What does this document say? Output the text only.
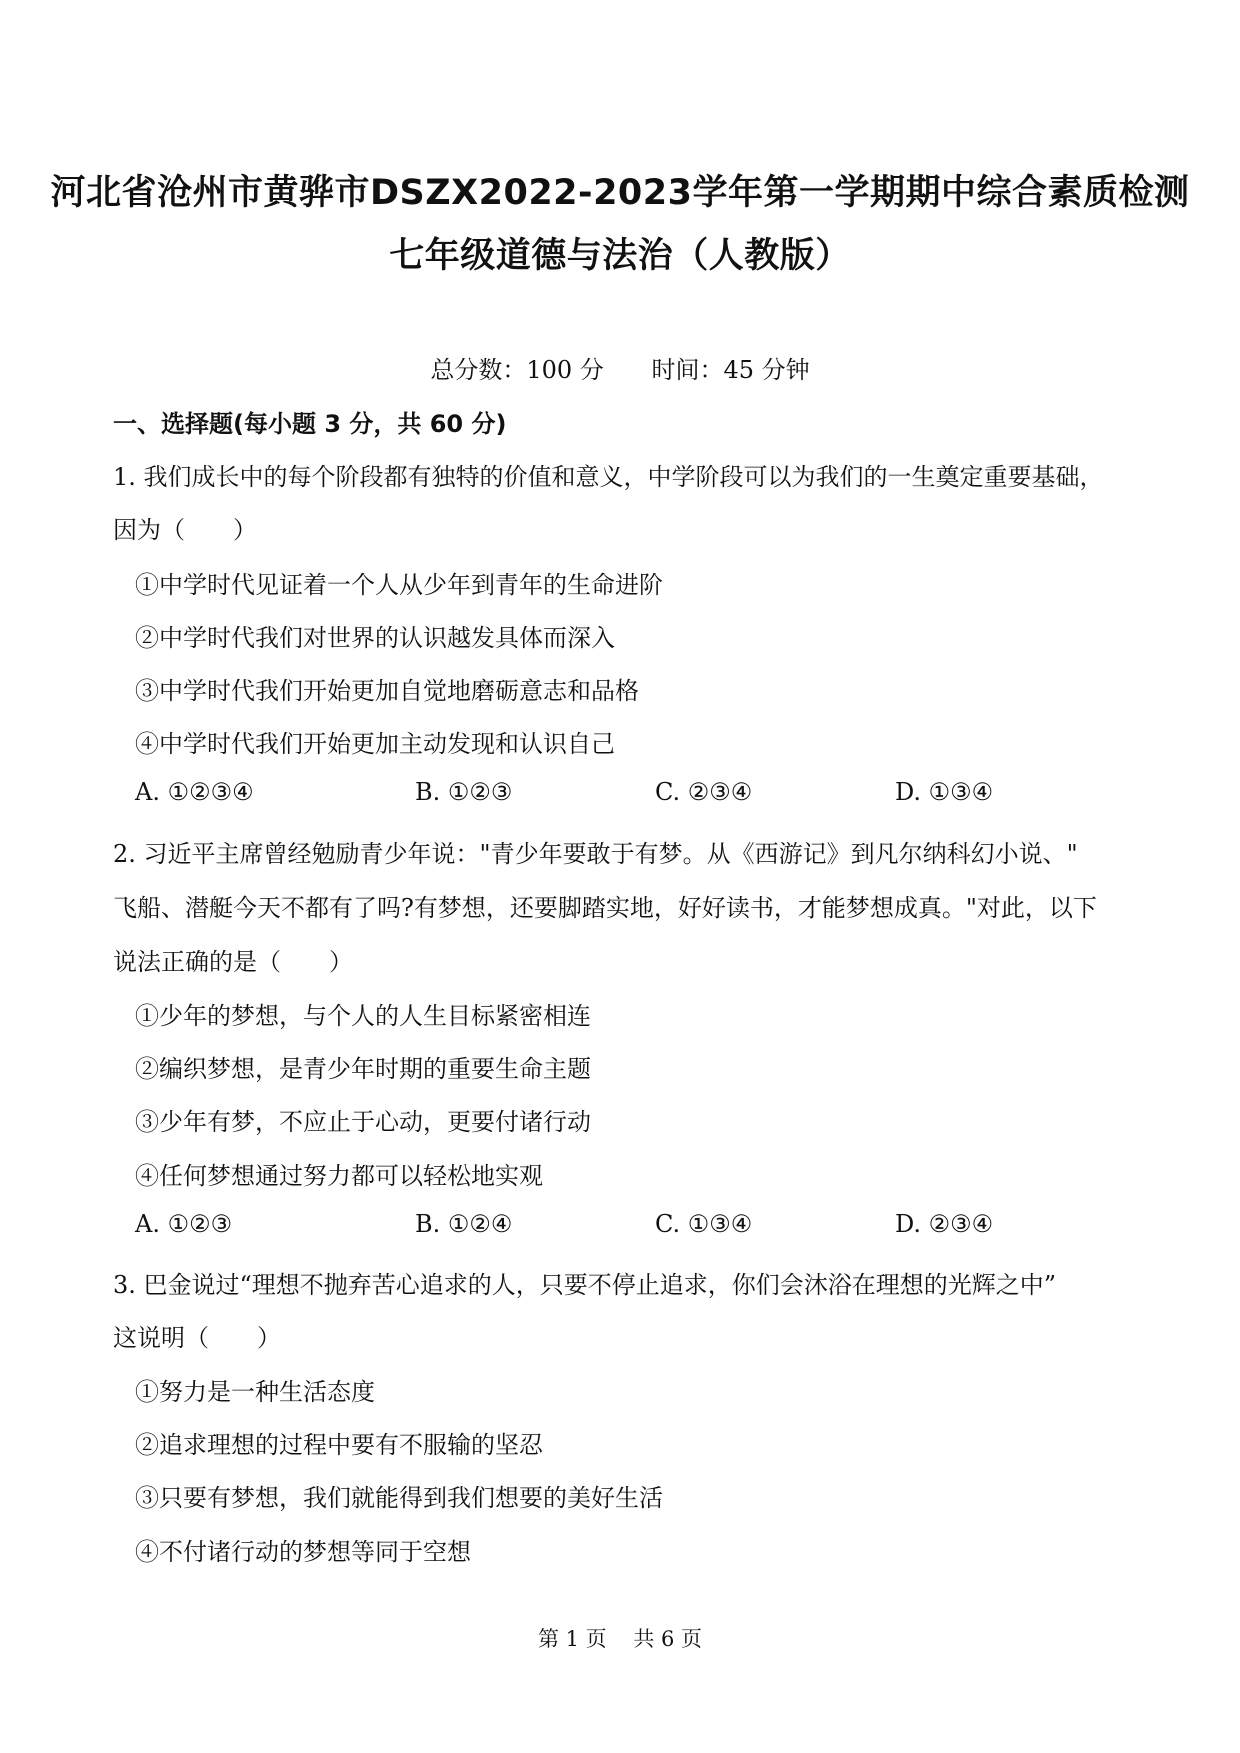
河北省沧州市黄骅市DSZX2022-2023学年第一学期期中综合素质检测
七年级道德与法治（人教版）
总分数：100 分 时间：45 分钟
一、选择题(每小题 3 分，共 60 分)
1. 我们成长中的每个阶段都有独特的价值和意义，中学阶段可以为我们的一生奠定重要基础，
因为（　　）
①中学时代见证着一个人从少年到青年的生命进阶
②中学时代我们对世界的认识越发具体而深入
③中学时代我们开始更加自觉地磨砺意志和品格
④中学时代我们开始更加主动发现和认识自己
A. ①②③④	B. ①②③	C. ②③④	D. ①③④
2. 习近平主席曾经勉励青少年说："青少年要敢于有梦。从《西游记》到凡尔纳科幻小说、"
飞船、潜艇今天不都有了吗?有梦想，还要脚踏实地，好好读书，才能梦想成真。"对此，以下
说法正确的是（　　）
①少年的梦想，与个人的人生目标紧密相连
②编织梦想，是青少年时期的重要生命主题
③少年有梦，不应止于心动，更要付诸行动
④任何梦想通过努力都可以轻松地实观
A. ①②③	B. ①②④	C. ①③④	D. ②③④
3. 巴金说过“理想不抛弃苦心追求的人，只要不停止追求，你们会沐浴在理想的光辉之中”
这说明（　　）
①努力是一种生活态度
②追求理想的过程中要有不服输的坚忍
③只要有梦想，我们就能得到我们想要的美好生活
④不付诸行动的梦想等同于空想
第 1 页 共 6 页
